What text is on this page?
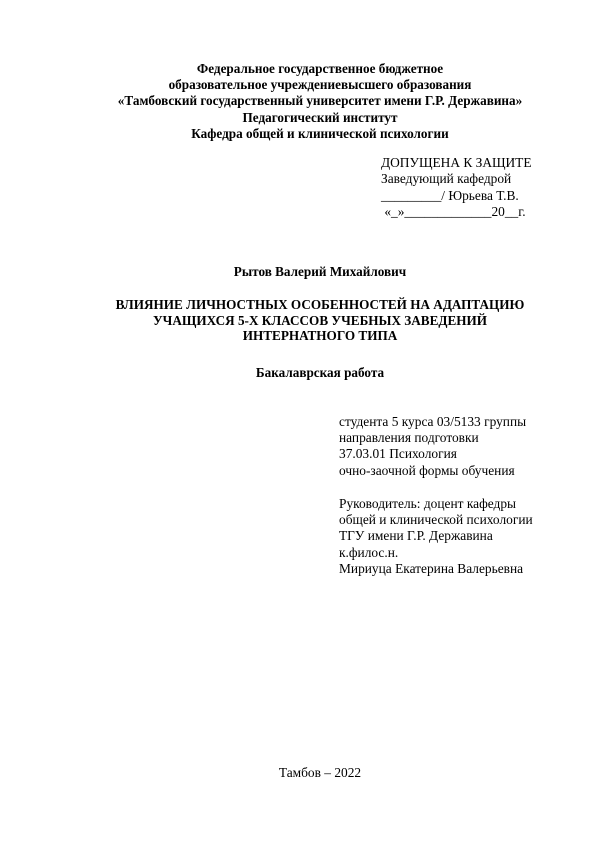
Федеральное государственное бюджетное
образовательное учреждениевысшего образования
«Тамбовский государственный университет имени Г.Р. Державина»
Педагогический институт
Кафедра общей и клинической психологии
ДОПУЩЕНА К ЗАЩИТЕ
Заведующий кафедрой
_________/ Юрьева Т.В.
«_»_____________20__г.
Рытов Валерий Михайлович
ВЛИЯНИЕ ЛИЧНОСТНЫХ ОСОБЕННОСТЕЙ НА АДАПТАЦИЮ
УЧАЩИХСЯ 5-Х КЛАССОВ УЧЕБНЫХ ЗАВЕДЕНИЙ
ИНТЕРНАТНОГО ТИПА
Бакалаврская работа
студента 5 курса 03/5133 группы
направления подготовки
37.03.01 Психология
очно-заочной формы обучения
Руководитель: доцент кафедры
общей и клинической психологии
ТГУ имени Г.Р. Державина
к.филос.н.
Мириуца Екатерина Валерьевна
Тамбов – 2022
